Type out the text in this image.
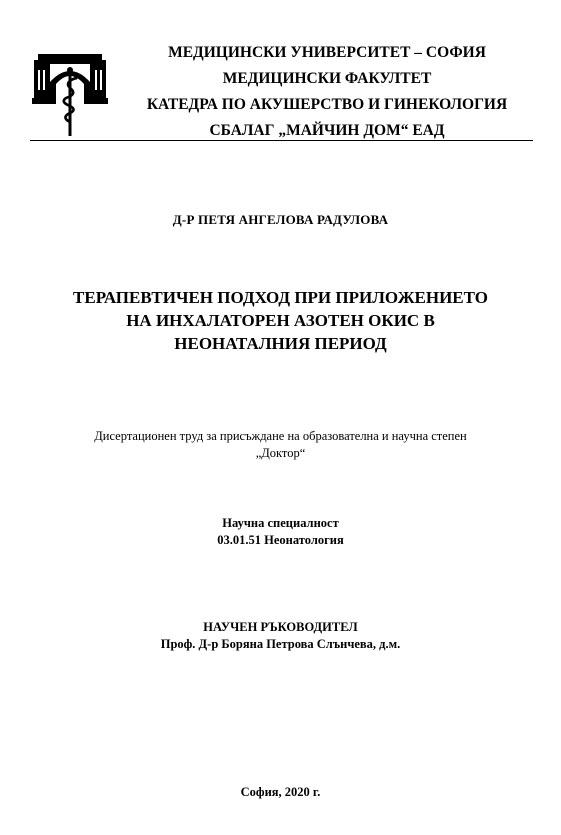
МЕДИЦИНСКИ УНИВЕРСИТЕТ – СОФИЯ
МЕДИЦИНСКИ ФАКУЛТЕТ
КАТЕДРА ПО АКУШЕРСТВО И ГИНЕКОЛОГИЯ
СБАЛАГ „МАЙЧИН ДОМ“ ЕАД
Д-Р ПЕТЯ АНГЕЛОВА РАДУЛОВА
ТЕРАПЕВТИЧЕН ПОДХОД ПРИ ПРИЛОЖЕНИЕТО
НА ИНХАЛАТОРЕН АЗОТЕН ОКИС В
НЕОНАТАЛНИЯ ПЕРИОД
Дисертационен труд за присъждане на образователна и научна степен
„Доктор“
Научна специалност
03.01.51 Неонатология
НАУЧЕН РЪКОВОДИТЕЛ
Проф. Д-р Боряна Петрова Слънчева, д.м.
София, 2020 г.
